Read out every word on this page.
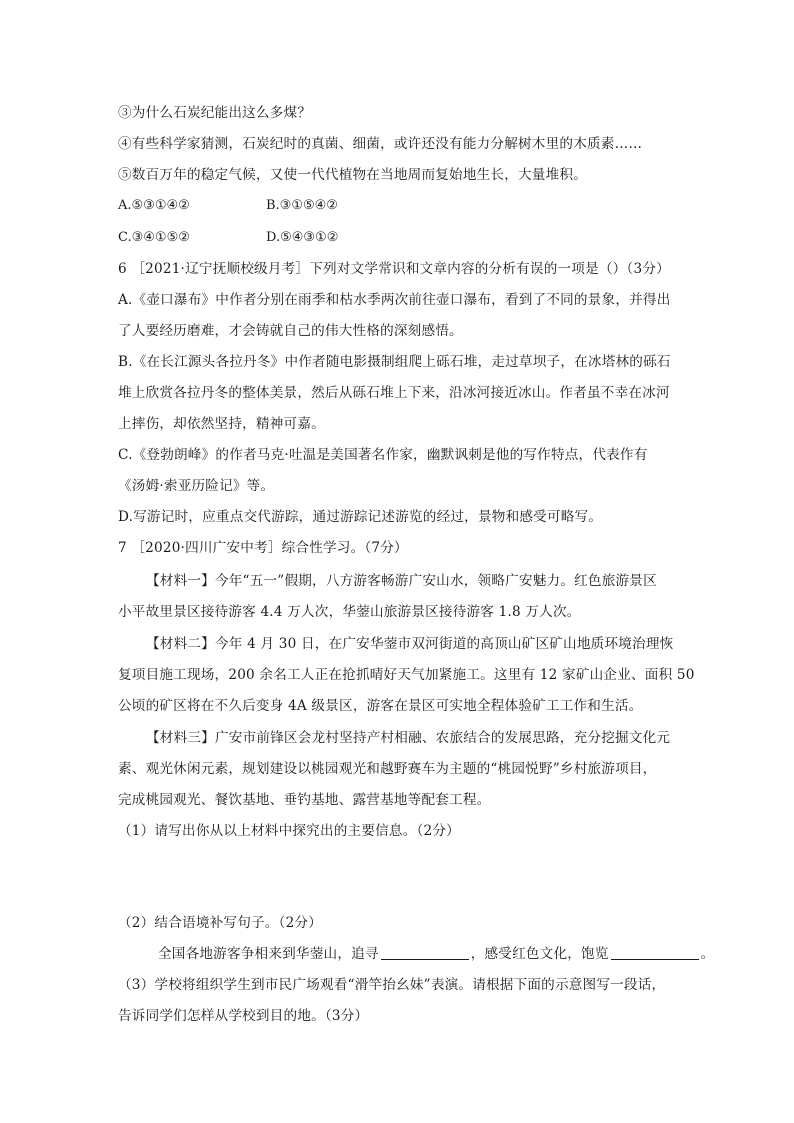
③为什么石炭纪能出这么多煤？
④有些科学家猜测，石炭纪时的真菌、细菌，或许还没有能力分解树木里的木质素……
⑤数百万年的稳定气候，又使一代代植物在当地周而复始地生长，大量堆积。
A.⑤③①④②	B.③①⑤④②
C.③④①⑤②	D.⑤④③①②
6 ［2021·辽宁抚顺校级月考］下列对文学常识和文章内容的分析有误的一项是（）（3分）
A.《壶口瀑布》中作者分别在雨季和枯水季两次前往壶口瀑布，看到了不同的景象，并得出
了人要经历磨难，才会铸就自己的伟大性格的深刻感悟。
B.《在长江源头各拉丹冬》中作者随电影摄制组爬上砾石堆，走过草坝子，在冰塔林的砾石
堆上欣赏各拉丹冬的整体美景，然后从砾石堆上下来，沿冰河接近冰山。作者虽不幸在冰河
上摔伤，却依然坚持，精神可嘉。
C.《登勃朗峰》的作者马克·吐温是美国著名作家，幽默讽刺是他的写作特点，代表作有
《汤姆·索亚历险记》等。
D.写游记时，应重点交代游踪，通过游踪记述游览的经过，景物和感受可略写。
7 ［2020·四川广安中考］综合性学习。（7分）
【材料一】今年“五一”假期，八方游客畅游广安山水，领略广安魅力。红色旅游景区
小平故里景区接待游客 4.4 万人次，华蓥山旅游景区接待游客 1.8 万人次。
【材料二】今年 4 月 30 日，在广安华蓥市双河街道的高顶山矿区矿山地质环境治理恢
复项目施工现场，200 余名工人正在抢抓晴好天气加紧施工。这里有 12 家矿山企业、面积 50
公顷的矿区将在不久后变身 4A 级景区，游客在景区可实地全程体验矿工工作和生活。
【材料三】广安市前锋区会龙村坚持产村相融、农旅结合的发展思路，充分挖掘文化元
素、观光休闲元素，规划建设以桃园观光和越野赛车为主题的“桃园悦野”乡村旅游项目，
完成桃园观光、餐饮基地、垂钓基地、露营基地等配套工程。
（1）请写出你从以上材料中探究出的主要信息。（2分）
（2）结合语境补写句子。（2分）
全国各地游客争相来到华蓥山，追寻	，感受红色文化，饱览	。
（3）学校将组织学生到市民广场观看“滑竿抬幺妹”表演。请根据下面的示意图写一段话，
告诉同学们怎样从学校到目的地。（3分）
